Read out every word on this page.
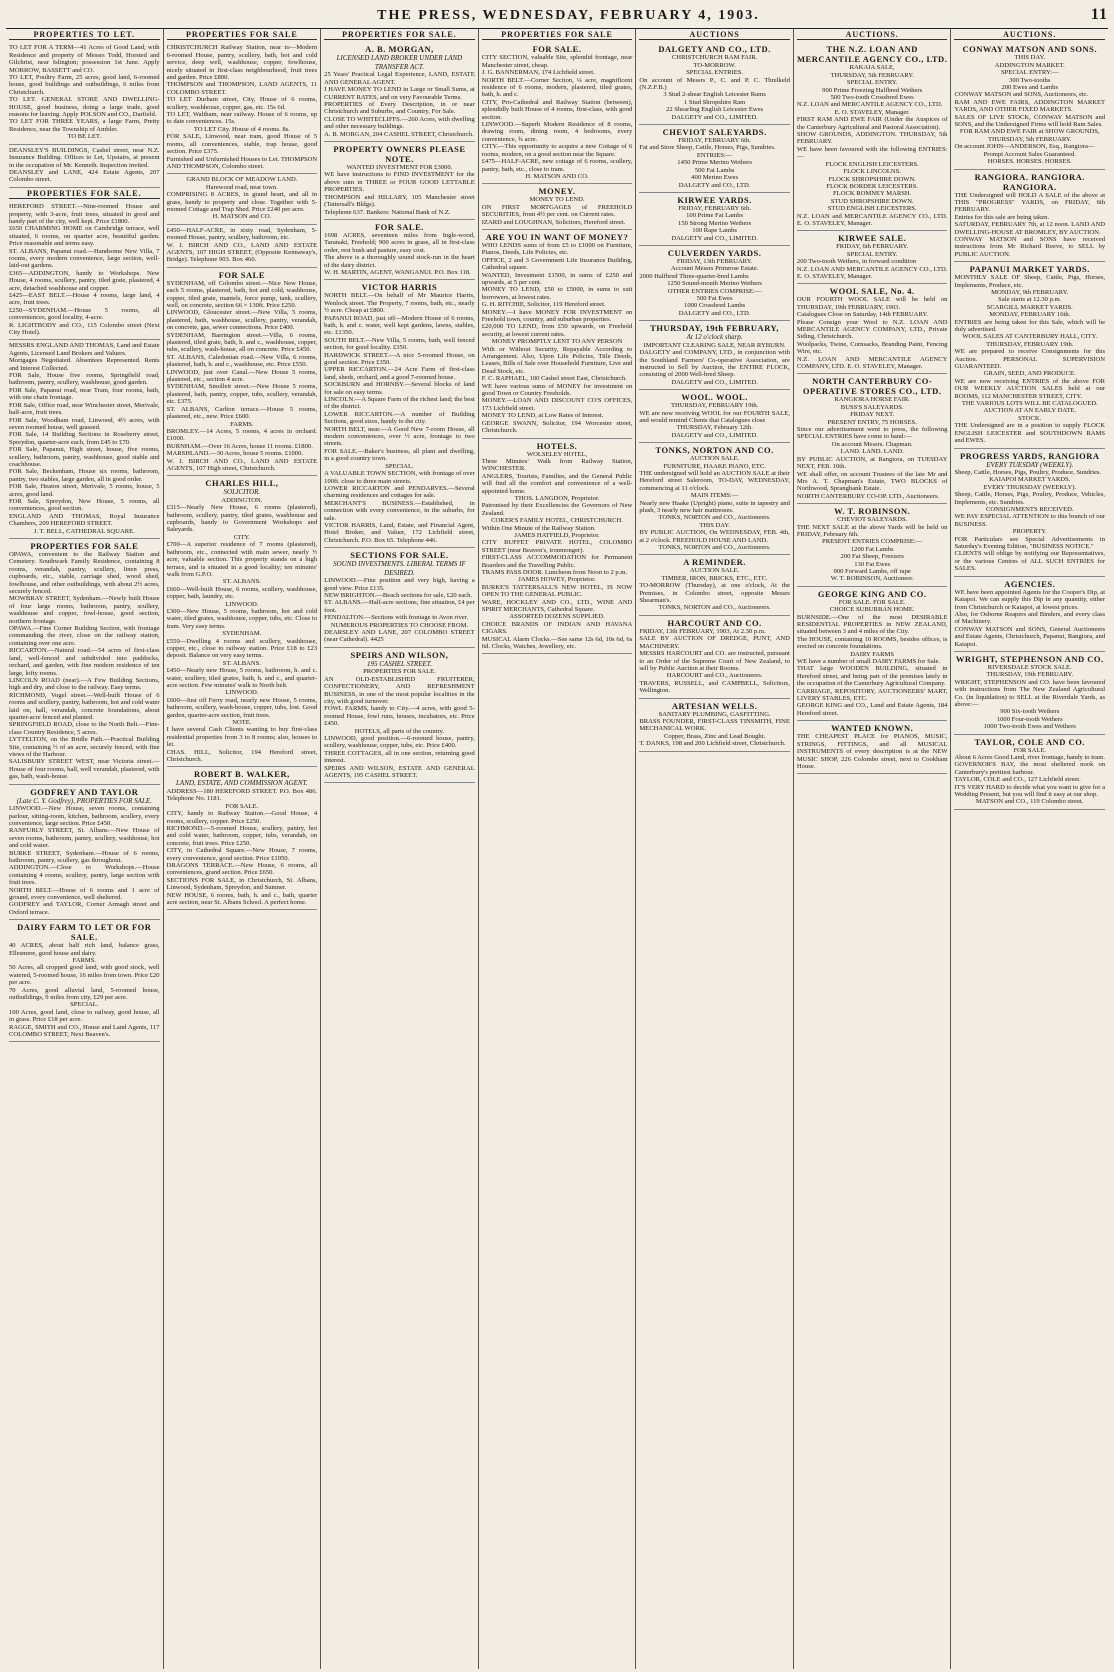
THE PRESS, WEDNESDAY, FEBRUARY 4, 1903.	11
PROPERTIES TO LET.

TO LET FOR A TERM—41 Acres of Good Land, with Residence and property of Messrs Todd, Horsted and Gilchrist, near Islington; possession 1st June. Apply MORROW, BASSETT and CO.

TO LET, Poultry Farm, 25 acres, good land, 6-roomed house, good buildings and outbuildings, 6 miles from Christchurch.

TO LET. GENERAL STORE AND DWELLING-HOUSE, good business, doing a large trade, good reasons for leaving. Apply POLSON and CO., Darfield.

TO LET FOR THREE YEARS, a large Farm, Pretty Residence, near the Township of Ambler.

TO BE LET.

DEANSLEY'S BUILDINGS, Cashel street, near N.Z. Insurance Building. Offices to Let, Upstairs, at present in the occupation of Mr. Kenneth. Inspection invited.

DEANSLEY and LANE, 424 Estate Agents, 207 Colombo street.

PROPERTIES FOR SALE.

HEREFORD STREET.—Nine-roomed House and property, with 3-acre, fruit trees, situated in good and handy part of the city, well kept. Price £1800.

£650 CHARMING HOME on Cambridge terrace, well situated, 6 rooms, on quarter acre, beautiful garden. Price reasonable and terms easy.

ST. ALBANS, Papanui road.—Handsome New Villa, 7 rooms, every modern convenience, large section, well-laid-out gardens.

£365—ADDINGTON, handy to Workshops. New House, 4 rooms, scullery, pantry, tiled grate, plastered, 4 acre, detached washhouse and copper.

£425—EAST BELT.—House 4 rooms, large land, 4 acre, fruit trees.

£250—SYDENHAM.—House 5 rooms, all conveniences, good locality, 4-acre.

R. LIGHTBODY and CO., 115 Colombo street (Next City Hotel).

MESSRS ENGLAND AND THOMAS, Land and Estate Agents, Licensed Land Brokers and Valuers.

Mortgages Negotiated. Absentees Represented. Rents and Interest Collected.

FOR Sale, House five rooms, Springfield road, bathroom, pantry, scullery, washhouse, good garden.

FOR Sale, Papanui road, near Tram, four rooms, bath, with one chain frontage.

FOR Sale, Office road, near Winchester street, Merivale, half-acre, fruit trees.

FOR Sale, Woodham road, Linwood, 4½ acres, with seven roomed house, well grassed.

FOR Sale, 14 Building Sections in Roseberry street, Spreydon, quarter-acre each, from £45 to £70.

FOR Sale, Papanui, High street, house, five rooms, scullery, bathroom, pantry, washhouse, good stable and coachhouse.

FOR Sale, Beckenham, House six rooms, bathroom, pantry, two stables, large garden, all in good order.

FOR Sale, Heaton street, Merivale, 5 rooms, house, 5 acres, good land.

FOR Sale, Spreydon, New House, 5 rooms, all conveniences, good section.

ENGLAND AND THOMAS, Royal Insurance Chambers, 209 HEREFORD STREET.

J. T. BELL, CATHEDRAL SQUARE.

PROPERTIES FOR SALE

OPAWA, convenient to the Railway Station and Cemetery. Southwark Family Residence, containing 8 rooms, verandah, pantry, scullery, linen press, cupboards, etc., stable, carriage shed, wood shed, fowlhouse, and other outbuildings, with about 2½ acres, securely fenced.

MOWBRAY STREET, Sydenham.—Newly built House of four large rooms, bathroom, pantry, scullery, washhouse and copper, fowl-house, good section, northern frontage.

OPAWA.—Fine Corner Building Section, with frontage commanding the river, close on the railway station, containing over one acre.

RICCARTON.—Natural road.—54 acres of first-class land, well-fenced and subdivided into paddocks, orchard, and garden, with fine modern residence of ten large, lofty rooms.

LINCOLN ROAD (near).—A Few Building Sections, high and dry, and close to the railway. Easy terms.

RICHMOND, Vogel street.—Well-built House of 6 rooms and scullery, pantry, bathroom, hot and cold water laid on, hall, verandah, concrete foundations, about quarter-acre fenced and planted.

SPRINGFIELD ROAD, close to the North Belt.—Fine-class Country Residence, 5 acres.

LYTTELTON, on the Bridle Path.—Practical Building Site, containing ½ of an acre, securely fenced, with fine views of the Harbour.

SALISBURY STREET WEST, near Victoria street.—House of four rooms, hall, well verandah, plastered, with gas, bath, wash-house.

GODFREY AND TAYLOR
(Late C. Y. Godfrey), PROPERTIES FOR SALE.

LINWOOD.—New House, seven rooms, containing parlour, sitting-room, kitchen, bathroom, scullery, every convenience, large section. Price £450.

RANFURLY STREET, St. Albans.—New House of seven rooms, bathroom, pantry, scullery, washhouse, hot and cold water.

BURKE STREET, Sydenham.—House of 6 rooms, bathroom, pantry, scullery, gas throughout.

ADDINGTON.—Close to Workshops.—House containing 4 rooms, scullery, pantry, large section with fruit trees.

NORTH BELT.—House of 6 rooms and 1 acre of ground, every convenience, well sheltered.

GODFREY and TAYLOR, Corner Armagh street and Oxford terrace.

DAIRY FARM TO LET OR FOR SALE.

40 ACRES, about half rich land, balance grass, Ellesmere, good house and dairy.

FARMS.

50 Acres, all cropped good land, with good stock, well watered, 5-roomed house, 16 miles from town. Price £20 per acre.

70 Acres, good alluvial land, 5-roomed house, outbuildings, 9 miles from city, £29 per acre.

SPECIAL.

100 Acres, good land, close to railway, good house, all in grass. Price £18 per acre.

RAGGE, SMITH and CO., House and Land Agents, 117 COLOMBO STREET, Next Beaven's.

PROPERTIES FOR SALE

CHRISTCHURCH Railway Station, near to—Modern 6-roomed House, pantry, scullery, bath, hot and cold service, deep well, washhouse, copper, fowlhouse, nicely situated in first-class neighbourhood, fruit trees and garden. Price £800.

THOMPSON and THOMPSON, LAND AGENTS, 11 COLOMBO STREET.

TO LET Durham street, City, House of 6 rooms, scullery, washhouse, copper, gas, etc. 15s 6d.

TO LET, Waltham, near railway. House of 6 rooms, up to date conveniences. 15s.

TO LET City. House of 4 rooms. 8s.

FOR SALE, Linwood, near tram, good House of 5 rooms, all conveniences, stable, trap house, good section. Price £375.

Furnished and Unfurnished Houses to Let. THOMPSON AND THOMPSON, Colombo street.

GRAND BLOCK OF MEADOW LAND.

Harewood road, near town.

COMPRISING 8 ACRES, in grand heart, and all in grass, handy to property and close. Together with 5-roomed Cottage and Trap Shed. Price £240 per acre.

H. MATSON and CO.

£450—HALF-ACRE, in sixty road, Sydenham, 5-roomed House, pantry, scullery, bathroom, etc.

W. J. BIRCH AND CO., LAND AND ESTATE AGENTS, 107 HIGH STREET, (Opposite Kennaway's, Bridge). Telephone 903. Box 460.

FOR SALE

SYDENHAM, off Colombo street.—Nice New House, each 5 rooms, plastered, bath, hot and cold, washhouse, copper, tiled grate, mantels, force pump, tank, scullery, well, on concrete, section 66 × 130ft. Price £250.

LINWOOD, Gloucester street.—New Villa, 5 rooms, plastered, bath, washhouse, scullery, pantry, verandah, on concrete, gas, sewer connections. Price £400.

SYDENHAM, Barrington street.—Villa, 6 rooms, plastered, tiled grate, bath, h. and c., washhouse, copper, tubs, scullery, wash-house, all on concrete. Price £450.

ST. ALBANS, Caledonian road.—New Villa, 6 rooms, plastered, bath, h. and c., washhouse, etc. Price £550.

LINWOOD, just over Canal.—New House 5 rooms, plastered, etc., section 4 acre.

SYDENHAM, Smollett street.—New House 5 rooms, plastered, bath, pantry, copper, tubs, scullery, verandah, etc. £375.

ST. ALBANS, Carlton terrace.—House 5 rooms, plastered, etc., new. Price £600.

FARMS.

BROMLEY.—14 Acres, 5 rooms, 4 acres in orchard. £1000.

BURNHAM.—Over 16 Acres, house 11 rooms. £1800.

MARSHLAND.—30 Acres, house 5 rooms. £1000.

W. J. BIRCH AND CO., LAND AND ESTATE AGENTS, 107 High street, Christchurch.

CHARLES HILL,
SOLICITOR.

ADDINGTON.

£315—Nearly New House, 6 rooms (plastered), bathroom, scullery, pantry, tiled grates, washhouse and cupboards, handy to Government Workshops and Saleyards.

CITY.

£700—A superior residence of 7 rooms (plastered), bathroom, etc., connected with main sewer, nearly ½ acre, valuable section. This property stands on a high terrace, and is situated in a good locality; ten minutes' walk from G.P.O.

ST. ALBANS.

£660—Well-built House, 6 rooms, scullery, washhouse, copper, bath, laundry, etc.

LINWOOD.

£300—New House, 5 rooms, bathroom, hot and cold water, tiled grates, washhouse, copper, tubs, etc. Close to tram. Very easy terms.

SYDENHAM.

£550—Dwelling 4 rooms and scullery, washhouse, copper, etc., close to railway station. Price £18 to £23 deposit. Balance on very easy terms.

ST. ALBANS.

£450—Nearly new House, 5 rooms, bathroom, h. and c. water, scullery, tiled grates, bath, h. and c., and quarter-acre section. Few minutes' walk to North belt.

LINWOOD.

£600—Just off Ferry road, nearly new House, 5 rooms, bathroom, scullery, wash-house, copper, tubs, lost. Good garden, quarter-acre section, fruit trees.

NOTE.

I have several Cash Clients wanting to buy first-class residential properties from 3 to 8 rooms; also, houses to let.

CHAS. HILL, Solicitor, 194 Hereford street, Christchurch.

ROBERT B. WALKER,
LAND, ESTATE, AND COMMISSION AGENT.

ADDRESS—180 HEREFORD STREET. P.O. Box 486. Telephone No. 1181.

FOR SALE.

CITY, handy to Railway Station.—Good House, 4 rooms, scullery, copper. Price £250.

RICHMOND.—5-roomed House, scullery, pantry, hot and cold water, bathroom, copper, tubs, verandah, on concrete, fruit trees. Price £250.

CITY, in Cathedral Square.—New House, 7 rooms, every convenience, good section. Price £1050.

DRAGONS TERRACE.—New House, 6 rooms, all conveniences, grand section. Price £650.

SECTIONS FOR SALE, in Christchurch, St. Albans, Linwood, Sydenham, Spreydon, and Sumner.

NEW HOUSE, 6 rooms, bath, h. and c., bath, quarter acre section, near St. Albans School. A perfect home.

PROPERTIES FOR SALE.
A. B. MORGAN,
LICENSED LAND BROKER UNDER LAND TRANSFER ACT.

25 Years' Practical Legal Experience, LAND, ESTATE AND GENERAL AGENT.

I HAVE MONEY TO LEND in Large or Small Sums, at CURRENT RATES, and on very Favourable Terms.

PROPERTIES of Every Description, in or near Christchurch and Suburbs, and Country, For Sale.

CLOSE TO WHITECLIFFS.—260 Acres, with dwelling and other necessary buildings.

A. B. MORGAN, 204 CASHEL STREET, Christchurch.

PROPERTY OWNERS PLEASE NOTE.

WANTED INVESTMENT FOR £3000.

WE have instructions to FIND INVESTMENT for the above sum in THREE or FOUR GOOD LETTABLE PROPERTIES.

THOMPSON and HILLARY, 105 Manchester street (Tattersall's Bldgs).

Telephone 637. Bankers: National Bank of N.Z.

FOR SALE.

1698 ACRES, seventeen miles from Ingle-wood, Taranaki, Freehold; 900 acres in grass, all in first-class order, rest bush and pasture, easy cost.

The above is a thoroughly sound stock-run in the heart of the dairy district.

W. H. MARTIN, AGENT, WANGANUI. P.O. Box 118.

VICTOR HARRIS

NORTH BELT.—On behalf of Mr Maurice Harris, Wenlock street. The Property, 7 rooms, bath, etc., nearly ½ acre. Cheap at £800.

PAPANUI ROAD, just off—Modern House of 6 rooms, bath, h. and c. water, well kept gardens, lawns, stables, etc. £1350.

SOUTH BELT.—New Villa, 5 rooms, bath, well fenced section, for good locality. £350.

HARDWICK STREET.—A nice 5-roomed House, on good section. Price £350.

UPPER RICCARTON.—24 Acre Farm of first-class land, sheds, orchard, and a good 7-roomed house.

SOCKBURN and HORNBY.—Several blocks of land for sale on easy terms.

LINCOLN.—A Square Farm of the richest land; the best of the district.

LOWER RICCARTON.—A number of Building Sections, good sizes, handy to the city.

NORTH BELT, near.—A Good New 7-room House, all modern conveniences, over ½ acre, frontage to two streets.

FOR SALE.—Baker's business, all plant and dwelling, in a good country town.

SPECIAL.

A VALUABLE TOWN SECTION, with frontage of over 100ft. close to three main streets.

LOWER RICCARTON and PENDARVES.—Several charming residences and cottages for sale.

MERCHANT'S BUSINESS.—Established, in connection with every convenience, in the suburbs, for sale.

VICTOR HARRIS, Land, Estate, and Financial Agent, Hotel Broker, and Valuer, 172 Lichfield street, Christchurch. P.O. Box 65. Telephone 446.

SECTIONS FOR SALE.
SOUND INVESTMENTS. LIBERAL TERMS IF DESIRED.

LINWOOD.—Fine position and very high, having a good view. Price £135.

NEW BRIGHTON.—Beach sections for sale, £20 each.

ST. ALBANS.—Half-acre sections, fine situation, £4 per foot.

FENDALTON.—Sections with frontage to Avon river.

NUMEROUS PROPERTIES TO CHOOSE FROM.

DEARSLEY AND LANE, 207 COLOMBO STREET (near Cathedral). 4425

SPEIRS AND WILSON,
195 CASHEL STREET.

PROPERTIES FOR SALE.

AN OLD-ESTABLISHED FRUITERER, CONFECTIONERY, AND REFRESHMENT BUSINESS, in one of the most popular localities in the city, with good turnover.

FOWL FARMS, handy to City.—4 acres, with good 5-roomed House, fowl runs, houses, incubators, etc. Price £450.

HOTELS, all parts of the country.

LINWOOD, good position.—6-roomed house, pantry, scullery, washhouse, copper, tubs, etc. Price £400.

THREE COTTAGES, all in one section, returning good interest.

SPEIRS AND WILSON, ESTATE AND GENERAL AGENTS, 195 CASHEL STREET.

PROPERTIES FOR SALE
FOR SALE.

CITY SECTION, valuable Site, splendid frontage, near Manchester street, cheap.

J. G. BANNERMAN, 174 Lichfield street.

NORTH BELT.—Corner Section, ¼ acre, magnificent residence of 6 rooms, modern, plastered, tiled grates, bath, h. and c.

CITY, Pro-Cathedral and Railway Station (between), splendidly built House of 4 rooms, first-class, with good section.

LINWOOD.—Superb Modern Residence of 8 rooms, drawing room, dining room, 4 bedrooms, every convenience, ¾ acre.

CITY.—This opportunity to acquire a new Cottage of 6 rooms, modern, on a good section near the Square.

£475—HALF-ACRE, new cottage of 6 rooms, scullery, pantry, bath, etc., close to tram.

H. MATSON AND CO.

MONEY.

MONEY TO LEND.

ON FIRST MORTGAGES of FREEHOLD SECURITIES, from 4½ per cent. on Current rates.

IZARD and LOUGHNAN, Solicitors, Hereford street.

ARE YOU IN WANT OF MONEY?

WHO LENDS sums of from £5 to £1000 on Furniture, Pianos, Deeds, Life Policies, etc.

OFFICE, 2 and 3 Government Life Insurance Building, Cathedral square.

WANTED, Investment £1500, in sums of £250 and upwards, at 5 per cent.

MONEY TO LEND, £50 to £5000, in sums to suit borrowers, at lowest rates.

G. H. RITCHIE, Solicitor, 119 Hereford street.

MONEY.—I have MONEY FOR INVESTMENT on Freehold town, country, and suburban properties.

£20,000 TO LEND, from £50 upwards, on Freehold security, at lowest current rates.

MONEY PROMPTLY LENT TO ANY PERSON

With or Without Security, Repayable According to Arrangement. Also, Upon Life Policies, Title Deeds, Leases, Bills of Sale over Household Furniture, Live and Dead Stock, etc.

F. C. RAPHAEL, 100 Cashel street East, Christchurch.

WE have various sums of MONEY for investment on good Town or Country Freeholds.

MONEY.—LOAN AND DISCOUNT CO'S OFFICES, 173 Lichfield street.

MONEY TO LEND, at Low Rates of Interest.

GEORGE SWANN, Solicitor, 194 Worcester street, Christchurch.

HOTELS.

WOLSELEY HOTEL,

Three Minutes' Walk from Railway Station, WINCHESTER.

ANGLERS, Tourists, Families, and the General Public will find all the comfort and convenience of a well-appointed home.

THOS. LANGDON, Proprietor.

Patronised by their Excellencies the Governors of New Zealand.

COKER'S FAMILY HOTEL, CHRISTCHURCH.

Within One Minute of the Railway Station.

JAMES HATFIELD, Proprietor.

CITY BUFFET PRIVATE HOTEL, COLOMBO STREET (near Beaven's, ironmonger).

FIRST-CLASS ACCOMMODATION for Permanent Boarders and the Travelling Public.

TRAMS PASS DOOR. Luncheon from Noon to 2 p.m.

JAMES HOWEY, Proprietor.

BURKE'S TATTERSALL'S NEW HOTEL, IS NOW OPEN TO THE GENERAL PUBLIC.

WARE, HOCKLEY AND CO., LTD., WINE AND SPIRIT MERCHANTS, Cathedral Square.

ASSORTED DOZENS SUPPLIED.

CHOICE BRANDS OF INDIAN AND HAVANA CIGARS.

MUSICAL Alarm Clocks.—See same 12s 6d, 10s 6d, 6s 6d. Clocks, Watches, Jewellery, etc.

AUCTIONS
DALGETY AND CO., LTD.

CHRISTCHURCH RAM FAIR.

TO-MORROW.

SPECIAL ENTRIES.

On account of Messrs P., C. and P. C. Threlkeld (N.Z.F.B.)

3 Stud 2-shear English Leicester Rams

1 Stud Shropshire Ram

22 Shearling English Leicester Ewes

DALGETY and CO., LIMITED.

CHEVIOT SALEYARDS.

FRIDAY, FEBRUARY 6th.

Fat and Store Sheep, Cattle, Horses, Pigs, Sundries.

ENTRIES:—

1450 Prime Merino Wethers

500 Fat Lambs

400 Merino Ewes

DALGETY and CO., LTD.

KIRWEE YARDS.

FRIDAY, FEBRUARY 6th.

100 Prime Fat Lambs

150 Strong Merino Wethers

100 Rape Lambs

DALGETY and CO., LIMITED.

CULVERDEN YARDS.

FRIDAY, 13th FEBRUARY.

Account Messrs Primrose Estate.

2000 Halfbred Three-quarter-bred Lambs

1250 Sound-mouth Merino Wethers

OTHER ENTRIES COMPRISE:—

500 Fat Ewes

1000 Crossbred Lambs

DALGETY and CO., LTD.

THURSDAY, 19th FEBRUARY,
At 12 o'clock sharp.

IMPORTANT CLEARING SALE, NEAR RYBURN.

DALGETY and COMPANY, LTD., in conjunction with the Southland Farmers' Co-operative Association, are instructed to Sell by Auction, the ENTIRE FLOCK, consisting of 2000 Well-bred Sheep.

DALGETY and CO., LIMITED.

WOOL. WOOL.

THURSDAY, FEBRUARY 19th.

WE are now receiving WOOL for our FOURTH SALE, and would remind Clients that Catalogues close

THURSDAY, February 12th.

DALGETY and CO., LIMITED.

TONKS, NORTON AND CO.

AUCTION SALE.

FURNITURE, HAAKE PIANO, ETC.

THE undersigned will hold an AUCTION SALE at their Hereford street Saleroom, TO-DAY, WEDNESDAY, commencing at 11 o'clock.

MAIN ITEMS:—

Nearly new Haake (Upright) piano, suite in tapestry and plush, 3 nearly new hair mattresses.

TONKS, NORTON and CO., Auctioneers.

THIS DAY.

BY PUBLIC AUCTION, On WEDNESDAY, FEB. 4th, at 2 o'clock. FREEHOLD HOUSE AND LAND.

TONKS, NORTON and CO., Auctioneers.

A REMINDER.

AUCTION SALE.

TIMBER, IRON, BRICKS, ETC., ETC.

TO-MORROW (Thursday), at one o'clock, At the Premises, in Colombo street, opposite Messrs Shearman's.

TONKS, NORTON and CO., Auctioneers.

HARCOURT AND CO.

FRIDAY, 13th FEBRUARY, 1903, At 2.30 p.m.

SALE BY AUCTION OF DREDGE, PUNT, AND MACHINERY.

MESSRS HARCOURT and CO. are instructed, pursuant to an Order of the Supreme Court of New Zealand, to sell by Public Auction at their Rooms.

HARCOURT and CO., Auctioneers.

TRAVERS, RUSSELL, and CAMPBELL, Solicitors, Wellington.

ARTESIAN WELLS.

SANITARY PLUMBING, GASFITTING.

BRASS FOUNDER, FIRST-CLASS TINSMITH, FINE MECHANICAL WORK.

Copper, Brass, Zinc and Lead Bought.

T. DANKS, 198 and 200 Lichfield street, Christchurch.

AUCTIONS.
THE N.Z. LOAN AND MERCANTILE AGENCY CO., LTD.

RAKAIA SALE,

THURSDAY, 5th FEBRUARY.

SPECIAL ENTRY.

900 Prime Freezing Halfbred Wethers

500 Two-tooth Crossbred Ewes

N.Z. LOAN and MERCANTILE AGENCY CO., LTD.

E. O. STAVELEY, Manager.

FIRST RAM AND EWE FAIR (Under the Auspices of the Canterbury Agricultural and Pastoral Association).

SHOW GROUNDS, ADDINGTON. THURSDAY, 5th FEBRUARY.

WE have been favoured with the following ENTRIES:—

FLOCK ENGLISH LEICESTERS.

FLOCK LINCOLNS.

FLOCK SHROPSHIRE DOWN.

FLOCK BORDER LEICESTERS.

FLOCK ROMNEY MARSH.

STUD SHROPSHIRE DOWN.

STUD ENGLISH LEICESTERS.

N.Z. LOAN and MERCANTILE AGENCY CO., LTD. E. O. STAVELEY, Manager.

KIRWEE SALE.

FRIDAY, 6th FEBRUARY.

SPECIAL ENTRY.

200 Two-tooth Wethers, in forward condition

N.Z. LOAN AND MERCANTILE AGENCY CO., LTD. E. O. STAVELEY, Manager.

WOOL SALE, No. 4.

OUR FOURTH WOOL SALE will be held on THURSDAY, 19th FEBRUARY, 1903.

Catalogues Close on Saturday, 14th FEBRUARY.

Please Consign your Wool to N.Z. LOAN AND MERCANTILE AGENCY COMPANY, LTD., Private Siding, Christchurch.

Woolpacks, Twine, Cornsacks, Branding Paint, Fencing Wire, etc.

N.Z. LOAN AND MERCANTILE AGENCY COMPANY, LTD. E. O. STAVELEY, Manager.

NORTH CANTERBURY CO-OPERATIVE STORES CO., LTD.

RANGIORA HORSE FAIR.

BUSS'S SALEYARDS.

FRIDAY NEXT.

PRESENT ENTRY, 75 HORSES.

Since our advertisement went to press, the following SPECIAL ENTRIES have come to hand:—

On account Messrs. Chapman.

LAND. LAND. LAND.

BY PUBLIC AUCTION, at Rangiora, on TUESDAY NEXT, FEB. 10th.

WE shall offer, on account Trustees of the late Mr and Mrs A. T. Chapman's Estate, TWO BLOCKS of Northwood, Sprangbank Estate.

NORTH CANTERBURY CO-OP. LTD., Auctioneers.

W. T. ROBINSON.

CHEVIOT SALEYARDS.

THE NEXT SALE at the above Yards will be held on FRIDAY, February 6th.

PRESENT ENTRIES COMPRISE:—

1200 Fat Lambs

200 Fat Sheep, Freezers

130 Fat Ewes

900 Forward Lambs, off rape

W. T. ROBINSON, Auctioneer.

GEORGE KING AND CO.

FOR SALE. FOR SALE.

CHOICE SUBURBAN HOME.

BURNSIDE.—One of the most DESIRABLE RESIDENTIAL PROPERTIES in NEW ZEALAND, situated between 3 and 4 miles of the City.

The HOUSE, containing 10 ROOMS, besides offices, is erected on concrete foundations.

DAIRY FARMS

WE have a number of small DAIRY FARMS for Sale.

THAT large WOODEN BUILDING, situated in Hereford street, and being part of the premises lately in the occupation of the Canterbury Agricultural Company.

CARRIAGE, REPOSITORY, AUCTIONEERS' MART, LIVERY STABLES, ETC.

GEORGE KING and CO., Land and Estate Agents, 184 Hereford street.

WANTED KNOWN.

THE CHEAPEST PLACE for PIANOS, MUSIC, STRINGS, FITTINGS, and all MUSICAL INSTRUMENTS of every description is at the NEW MUSIC SHOP, 226 Colombo street, next to Cookham House.

AUCTIONS.
CONWAY MATSON AND SONS.

THIS DAY.

ADDINGTON MARKET.

SPECIAL ENTRY:—

300 Two-tooths

200 Ewes and Lambs

CONWAY MATSON and SONS, Auctioneers, etc.

RAM AND EWE FAIRS, ADDINGTON MARKET YARDS, AND OTHER FIXED MARKETS.

SALES OF LIVE STOCK, CONWAY MATSON and SONS, and the Undersigned Firms will hold Ram Sales.

FOR RAM AND EWE FAIR at SHOW GROUNDS,

THURSDAY, 5th FEBRUARY.

On account JOHN—ANDERSON, Esq., Rangiora—

Prompt Account Sales Guaranteed.

HORSES. HORSES. HORSES.

RANGIORA. RANGIORA. RANGIORA.

THE Undersigned will HOLD A SALE of the above at THIS "PROGRESS" YARDS, on FRIDAY, 6th FEBRUARY.

Entries for this sale are being taken.

SATURDAY, FEBRUARY 7th, at 12 noon. LAND AND DWELLING-HOUSE AT BROMLEY, BY AUCTION.

CONWAY MATSON and SONS have received instructions from Mr Richard Reeve, to SELL by PUBLIC AUCTION.

PAPANUI MARKET YARDS.

MONTHLY SALE OF Sheep, Cattle, Pigs, Horses, Implements, Produce, etc.

MONDAY, 9th FEBRUARY.

Sale starts at 12.30 p.m.

SCARGILL MARKET YARDS.

MONDAY, FEBRUARY 16th.

ENTRIES are being taken for this Sale, which will be duly advertised.

WOOL SALES AT CANTERBURY HALL, CITY.

THURSDAY, FEBRUARY 19th.

WE are prepared to receive Consignments for this Auction. PERSONAL SUPERVISION GUARANTEED.

GRAIN, SEED, AND PRODUCE.

WE are now receiving ENTRIES of the above FOR OUR WEEKLY AUCTION SALES held at our ROOMS, 112 MANCHESTER STREET, CITY.

THE VARIOUS LOTS WILL BE CATALOGUED.

AUCTION AT AN EARLY DATE.

STOCK.

THE Undersigned are in a position to supply FLOCK ENGLISH LEICESTER and SOUTHDOWN RAMS and EWES.

PROGRESS YARDS, RANGIORA
EVERY TUESDAY (WEEKLY).

Sheep, Cattle, Horses, Pigs, Poultry, Produce, Sundries.

KAIAPOI MARKET YARDS.

EVERY THURSDAY (WEEKLY).

Sheep, Cattle, Horses, Pigs, Poultry, Produce, Vehicles, Implements, etc. Sundries.

CONSIGNMENTS RECEIVED.

WE PAY ESPECIAL ATTENTION to this branch of our BUSINESS.

PROPERTY.

FOR Particulars see Special Advertisements in Saturday's Evening Edition, "BUSINESS NOTICE."

CLIENTS will oblige by notifying our Representatives, or the various Centres of ALL SUCH ENTRIES for SALES.

AGENCIES.

WE have been appointed Agents for the Cooper's Dip, at Kaiapoi. We can supply this Dip in any quantity, either from Christchurch or Kaiapoi, at lowest prices.

Also, for Osborne Reapers and Binders, and every class of Machinery.

CONWAY MATSON and SONS, General Auctioneers and Estate Agents, Christchurch, Papanui, Rangiora, and Kaiapoi.

WRIGHT, STEPHENSON AND CO.

RIVERSDALE STOCK SALE.

THURSDAY, 19th FEBRUARY.

WRIGHT, STEPHENSON and CO. have been favoured with instructions from The New Zealand Agricultural Co. (in liquidation) to SELL at the Riverdale Yards, as above:—

900 Six-tooth Wethers

1000 Four-tooth Wethers

1000 Two-tooth Ewes and Wethers

TAYLOR, COLE AND CO.

FOR SALE.

About 6 Acres Good Land, river frontage, handy to tram.

GOVERNOR'S BAY, the most sheltered nook on Canterbury's prettiest harbour.

TAYLOR, COLE and CO., 127 Lichfield street.

IT'S VERY HARD to decide what you want to give for a Wedding Present, but you will find it easy at our shop.

MATSON and CO., 119 Colombo street.
